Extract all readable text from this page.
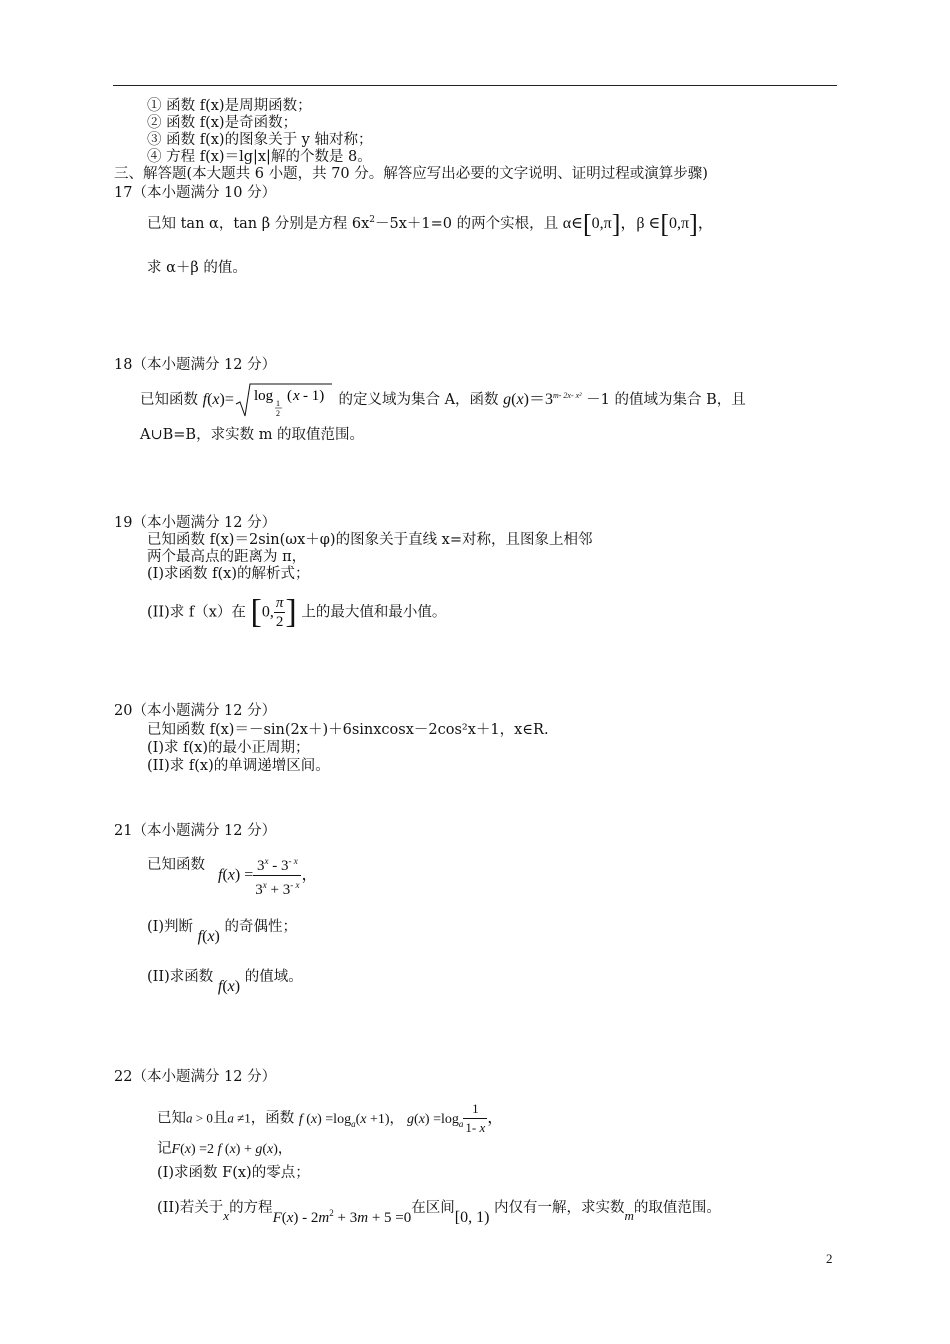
① 函数 f(x)是周期函数；
② 函数 f(x)是奇函数；
③ 函数 f(x)的图象关于 y 轴对称；
④ 方程 f(x)＝lg|x|解的个数是 8。
三、解答题(本大题共 6 小题，共 70 分。解答应写出必要的文字说明、证明过程或演算步骤)
17（本小题满分 10 分）
已知 tan α，tan β 分别是方程 $6x^2-5x+1=0$ 的两个实根，且 α∈[0,π]，β ∈[0,π]，
求 α＋β 的值。
18（本小题满分 12 分）
已知函数 f(x)= log 1
2
( x - 1) 的定义域为集合 A，函数 $g(x)=3^{m- 2x- x^2} -1$ 的值域为集合 B，且
A∪B=B，求实数 m 的取值范围。
19（本小题满分 12 分）
已知函数 f(x)＝2sin(ωx＋φ)的图象关于直线 x=对称，且图象上相邻
两个最高点的距离为 π，
(I)求函数 f(x)的解析式；
(II)求 f（x）在 [0, $\frac{\pi}{2}$ ] 上的最大值和最小值。
20（本小题满分 12 分）
已知函数 f(x)＝－sin(2x＋)＋6sinxcosx－2cos²x＋1，x∈R.
(I)求 f(x)的最小正周期；
(II)求 f(x)的单调递增区间。
21（本小题满分 12 分）
已知函数
$f(x) = \frac{3^x - 3^{- x}}{3^x + 3^{- x}}$ ，
(I)判断 f(x) 的奇偶性；
(II)求函数 f(x) 的值域。
22（本小题满分 12 分）
已知a > 0且a ≠1，函数 f $(x) =\log_a(x +1)$， $g(x) =\log_a \frac{1}{1- x}$ ，
记F(x) =2 f (x) + g(x)，
(I)求函数 F(x)的零点；
(II)若关于x的方程$F(x) - 2m^2 + 3m + 5 =0$在区间[0, 1) 内仅有一解，求实数m的取值范围。
2
